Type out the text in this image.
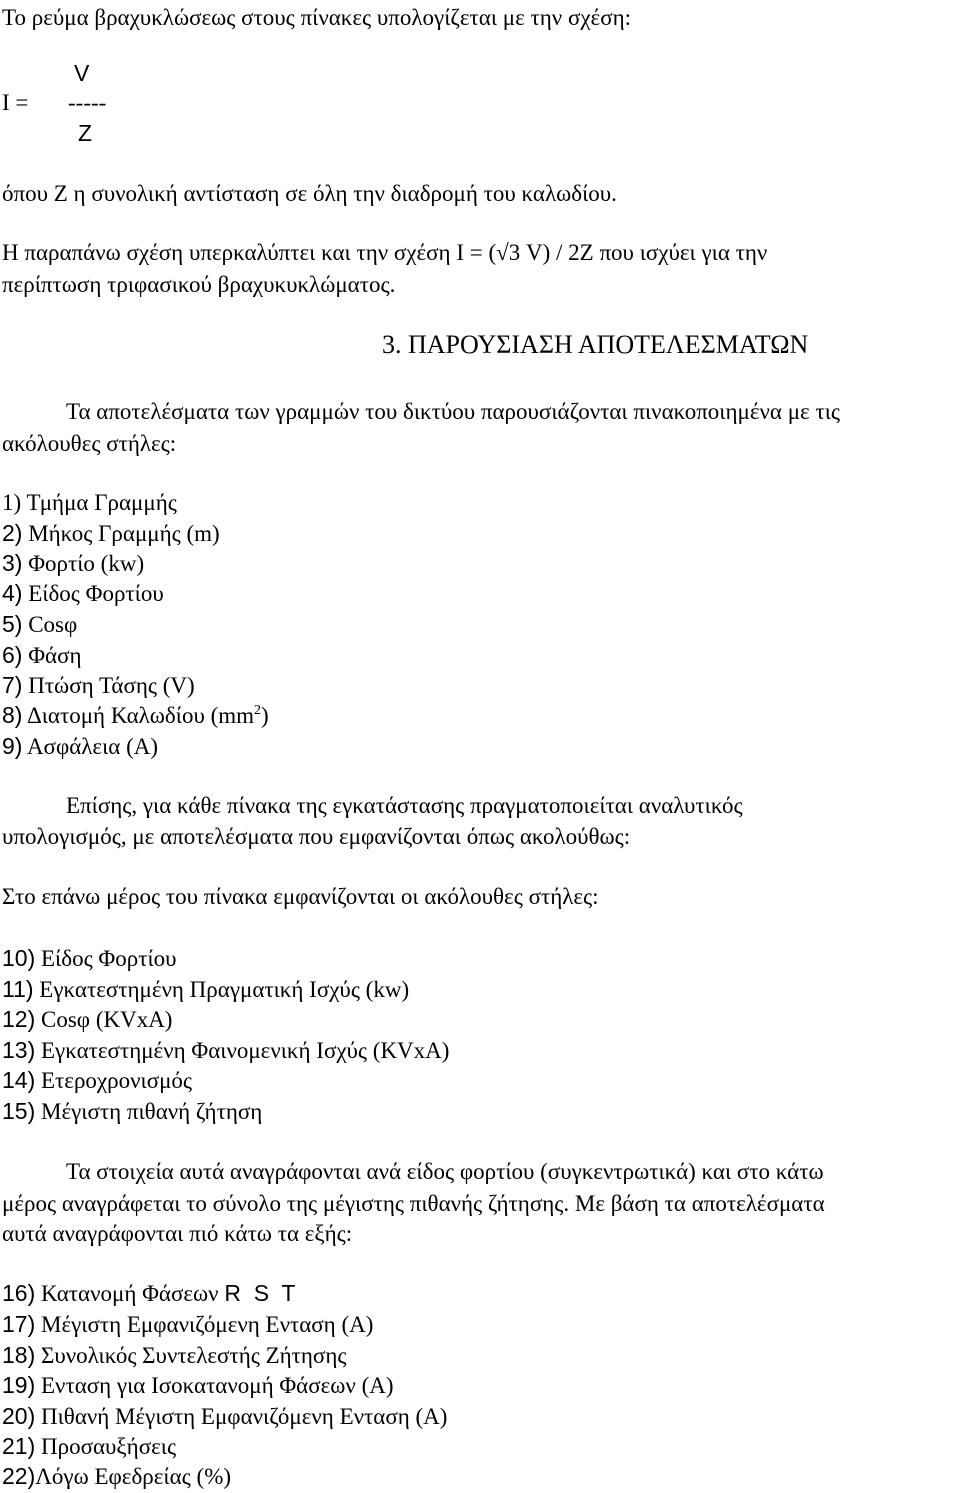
Το ρεύμα βραχυκλώσεως στους πίνακες υπολογίζεται με την σχέση:
V
I = -----
Z
όπου Ζ η συνολική αντίσταση σε όλη την διαδρομή του καλωδίου.
Η παραπάνω σχέση υπερκαλύπτει και την σχέση Ι = (√3 V) / 2Z που ισχύει για την
περίπτωση τριφασικού βραχυκυκλώματος.
3. ΠΑΡΟΥΣΙΑΣΗ ΑΠΟΤΕΛΕΣΜΑΤΩΝ
Τα αποτελέσματα των γραμμών του δικτύου παρουσιάζονται πινακοποιημένα με τις
ακόλουθες στήλες:
1) Τμήμα Γραμμής
2) Μήκος Γραμμής (m)
3) Φορτίο (kw)
4) Είδος Φορτίου
5) Cosφ
6) Φάση
7) Πτώση Τάσης (V)
8) Διατομή Καλωδίου $(mm^2)$
9) Ασφάλεια (A)
Επίσης, για κάθε πίνακα της εγκατάστασης πραγματοποιείται αναλυτικός
υπολογισμός, με αποτελέσματα που εμφανίζονται όπως ακολούθως:
Στο επάνω μέρος του πίνακα εμφανίζονται οι ακόλουθες στήλες:
10) Είδος Φορτίου
11) Εγκατεστημένη Πραγματική Ισχύς (kw)
12) Cosφ (KVxA)
13) Εγκατεστημένη Φαινομενική Ισχύς (KVxA)
14) Ετεροχρονισμός
15) Μέγιστη πιθανή ζήτηση
Τα στοιχεία αυτά αναγράφονται ανά είδος φορτίου (συγκεντρωτικά) και στο κάτω
μέρος αναγράφεται το σύνολο της μέγιστης πιθανής ζήτησης. Με βάση τα αποτελέσματα
αυτά αναγράφονται πιό κάτω τα εξής:
16) Κατανομή Φάσεων R  S  T
17) Μέγιστη Εμφανιζόμενη Ενταση (Α)
18) Συνολικός Συντελεστής Ζήτησης
19) Ενταση για Ισοκατανομή Φάσεων (Α)
20) Πιθανή Μέγιστη Εμφανιζόμενη Ενταση (Α)
21) Προσαυξήσεις
22)Λόγω Εφεδρείας (%)
